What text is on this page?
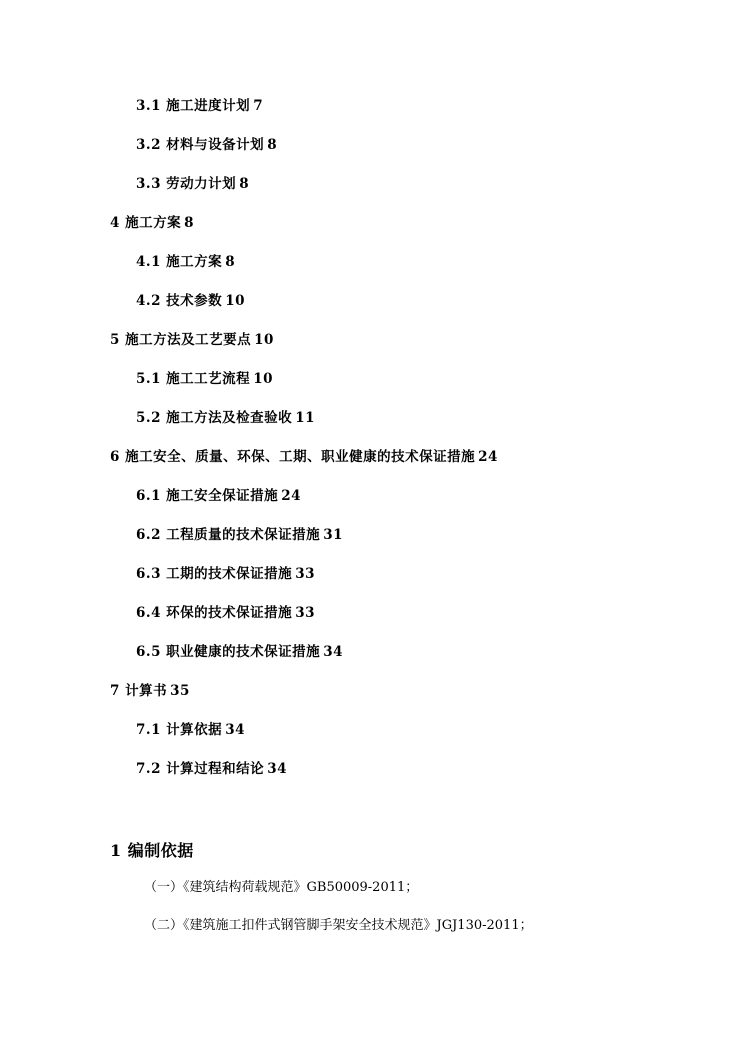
3.1 施工进度计划 7
3.2 材料与设备计划 8
3.3 劳动力计划 8
4 施工方案 8
4.1 施工方案 8
4.2 技术参数 10
5 施工方法及工艺要点 10
5.1 施工工艺流程 10
5.2 施工方法及检查验收 11
6 施工安全、质量、环保、工期、职业健康的技术保证措施 24
6.1 施工安全保证措施 24
6.2 工程质量的技术保证措施 31
6.3 工期的技术保证措施 33
6.4 环保的技术保证措施 33
6.5 职业健康的技术保证措施 34
7 计算书 35
7.1 计算依据 34
7.2 计算过程和结论 34
1 编制依据
（一）《建筑结构荷载规范》GB50009-2011；
（二）《建筑施工扣件式钢管脚手架安全技术规范》JGJ130-2011；
